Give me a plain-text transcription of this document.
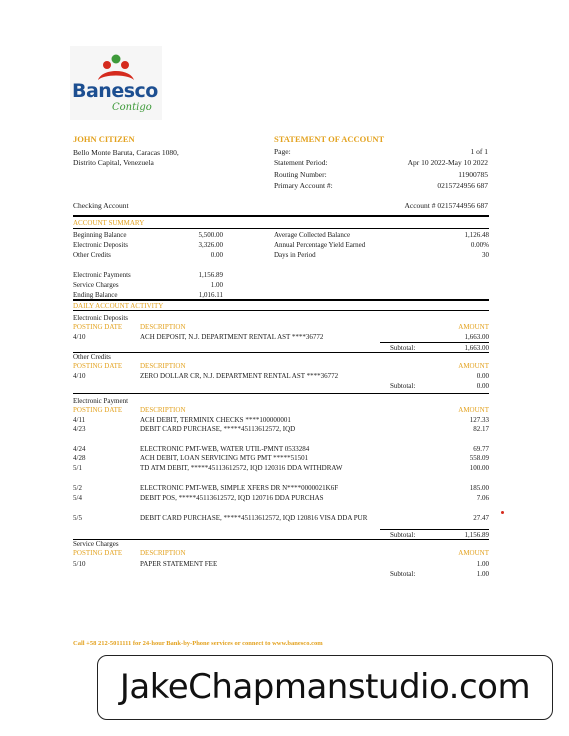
Banesco
Contigo
JOHN CITIZEN
Bello Monte Baruta, Caracas 1080,
Distrito Capital, Venezuela
STATEMENT OF ACCOUNT
Page:	1 of 1
Statement Period:	Apr 10 2022-May 10 2022
Routing Number:	11900785
Primary Account #:	0215724956 687
Checking Account	Account # 0215744956 687
ACCOUNT SUMMARY
Beginning Balance	5,500.00	Average Collected Balance	1,126.48
Electronic Deposits	3,326.00	Annual Percentage Yield Earned	0.00%
Other Credits	0.00	Days in Period	30
Electronic Payments	1,156.89
Service Charges	1.00
Ending Balance	1,016.11
DAILY ACCOUNT ACTIVITY
Electronic Deposits
POSTING DATE	DESCRIPTION	AMOUNT
4/10	ACH DEPOSIT, N.J. DEPARTMENT RENTAL AST ****36772	1,663.00
Subtotal:	1,663.00
Other Credits
POSTING DATE	DESCRIPTION	AMOUNT
4/10	ZERO DOLLAR CR, N.J. DEPARTMENT RENTAL AST ****36772	0.00
Subtotal:	0.00
Electronic Payment
POSTING DATE	DESCRIPTION	AMOUNT
4/11	ACH DEBIT, TERMINIX CHECKS ****100000001	127.33
4/23	DEBIT CARD PURCHASE, *****45113612572, IQD	82.17
4/24	ELECTRONIC PMT-WEB, WATER UTIL-PMNT 0533284	69.77
4/28	ACH DEBIT, LOAN SERVICING MTG PMT *****51501	558.09
5/1	TD ATM DEBIT, *****45113612572, IQD 120316 DDA WITHDRAW	100.00
5/2	ELECTRONIC PMT-WEB, SIMPLE XFERS DR N****0000021K6F	185.00
5/4	DEBIT POS, *****45113612572, IQD 120716 DDA PURCHAS	7.06
5/5	DEBIT CARD PURCHASE, *****45113612572, IQD 120816 VISA DDA PUR	27.47
Subtotal:	1,156.89
Service Charges
POSTING DATE	DESCRIPTION	AMOUNT
5/10	PAPER STATEMENT FEE	1.00
Subtotal:	1.00
Call +58 212-5011111 for 24-hour Bank-by-Phone services or connect to www.banesco.com
JakeChapmanstudio.com
